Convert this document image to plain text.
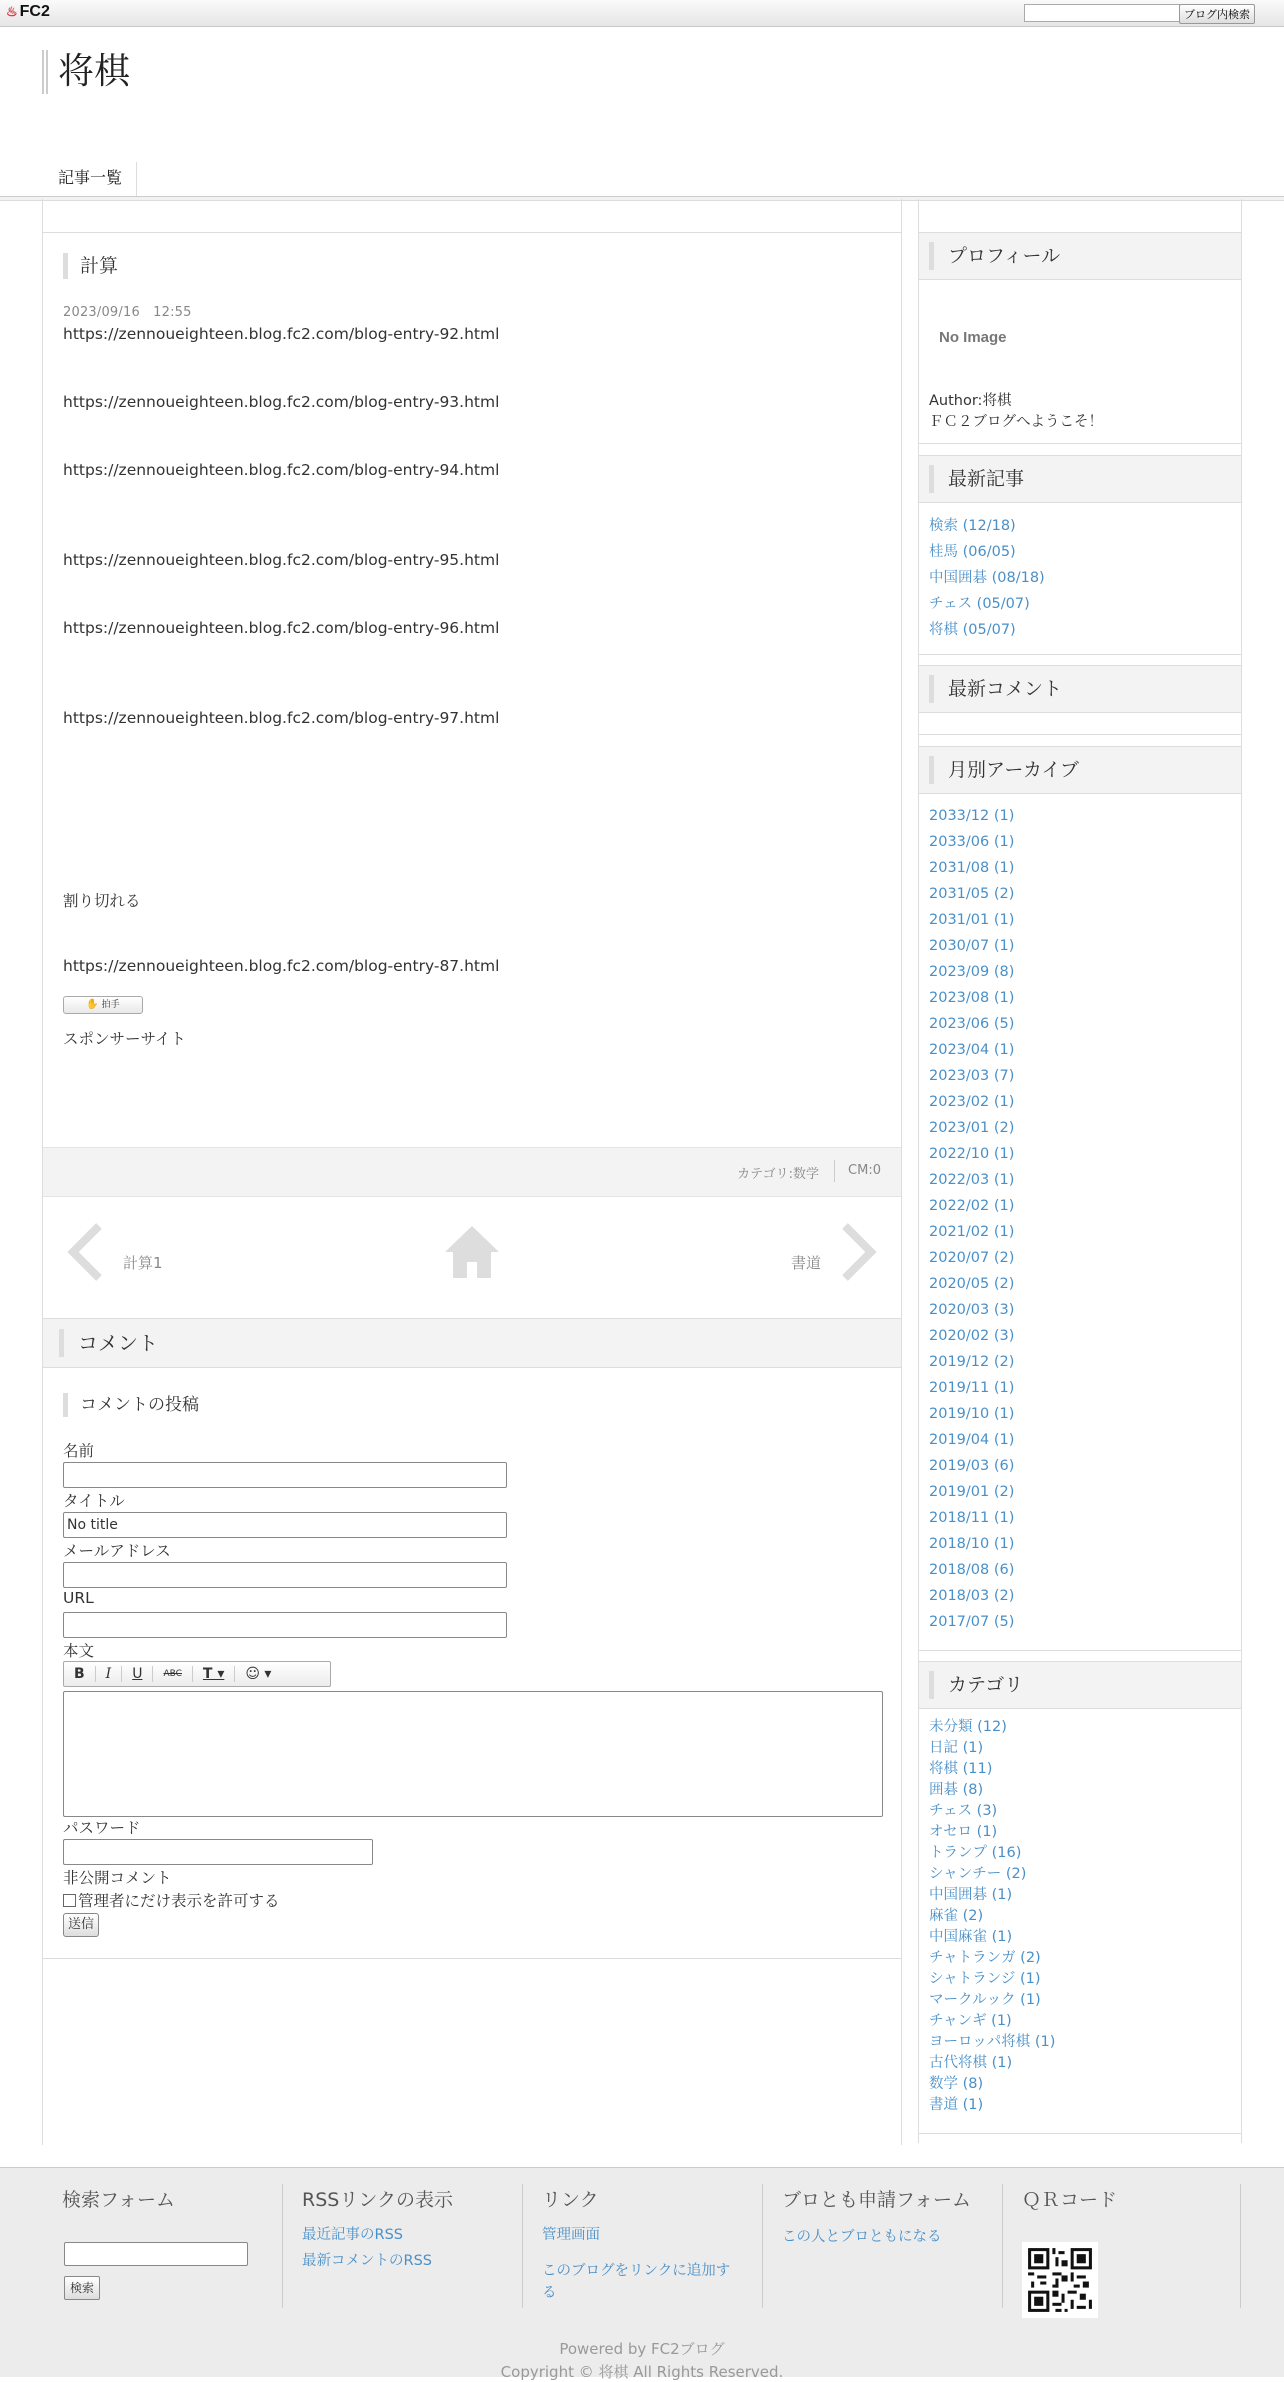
♨ FC2	ブログ内検索
将棋
記事一覧
計算
2023/09/16　12:55

https://zennoueighteen.blog.fc2.com/blog-entry-92.html

https://zennoueighteen.blog.fc2.com/blog-entry-93.html

https://zennoueighteen.blog.fc2.com/blog-entry-94.html

https://zennoueighteen.blog.fc2.com/blog-entry-95.html

https://zennoueighteen.blog.fc2.com/blog-entry-96.html

https://zennoueighteen.blog.fc2.com/blog-entry-97.html

割り切れる

https://zennoueighteen.blog.fc2.com/blog-entry-87.html

✋ 拍手
スポンサーサイト
カテゴリ:数学 CM:0
計算1	書道
コメント
コメントの投稿
名前
タイトル
No title
メールアドレス
URL
本文
B	I	U	ABC	T ▾	☺ ▾
パスワード
非公開コメント
管理者にだけ表示を許可する
送信
プロフィール
No Image
Author:将棋
ＦＣ２ブログへようこそ！
最新記事
検索 (12/18)
桂馬 (06/05)
中国囲碁 (08/18)
チェス (05/07)
将棋 (05/07)
最新コメント
月別アーカイブ
2033/12 (1)
2033/06 (1)
2031/08 (1)
2031/05 (2)
2031/01 (1)
2030/07 (1)
2023/09 (8)
2023/08 (1)
2023/06 (5)
2023/04 (1)
2023/03 (7)
2023/02 (1)
2023/01 (2)
2022/10 (1)
2022/03 (1)
2022/02 (1)
2021/02 (1)
2020/07 (2)
2020/05 (2)
2020/03 (3)
2020/02 (3)
2019/12 (2)
2019/11 (1)
2019/10 (1)
2019/04 (1)
2019/03 (6)
2019/01 (2)
2018/11 (1)
2018/10 (1)
2018/08 (6)
2018/03 (2)
2017/07 (5)
カテゴリ
未分類 (12)
日記 (1)
将棋 (11)
囲碁 (8)
チェス (3)
オセロ (1)
トランプ (16)
シャンチー (2)
中国囲碁 (1)
麻雀 (2)
中国麻雀 (1)
チャトランガ (2)
シャトランジ (1)
マークルック (1)
チャンギ (1)
ヨーロッパ将棋 (1)
古代将棋 (1)
数学 (8)
書道 (1)
検索フォーム
検索
RSSリンクの表示
最近記事のRSS
最新コメントのRSS
リンク
管理画面
このブログをリンクに追加する
ブロとも申請フォーム
この人とブロともになる
ＱＲコード
Powered by FC2ブログ
Copyright © 将棋 All Rights Reserved.
